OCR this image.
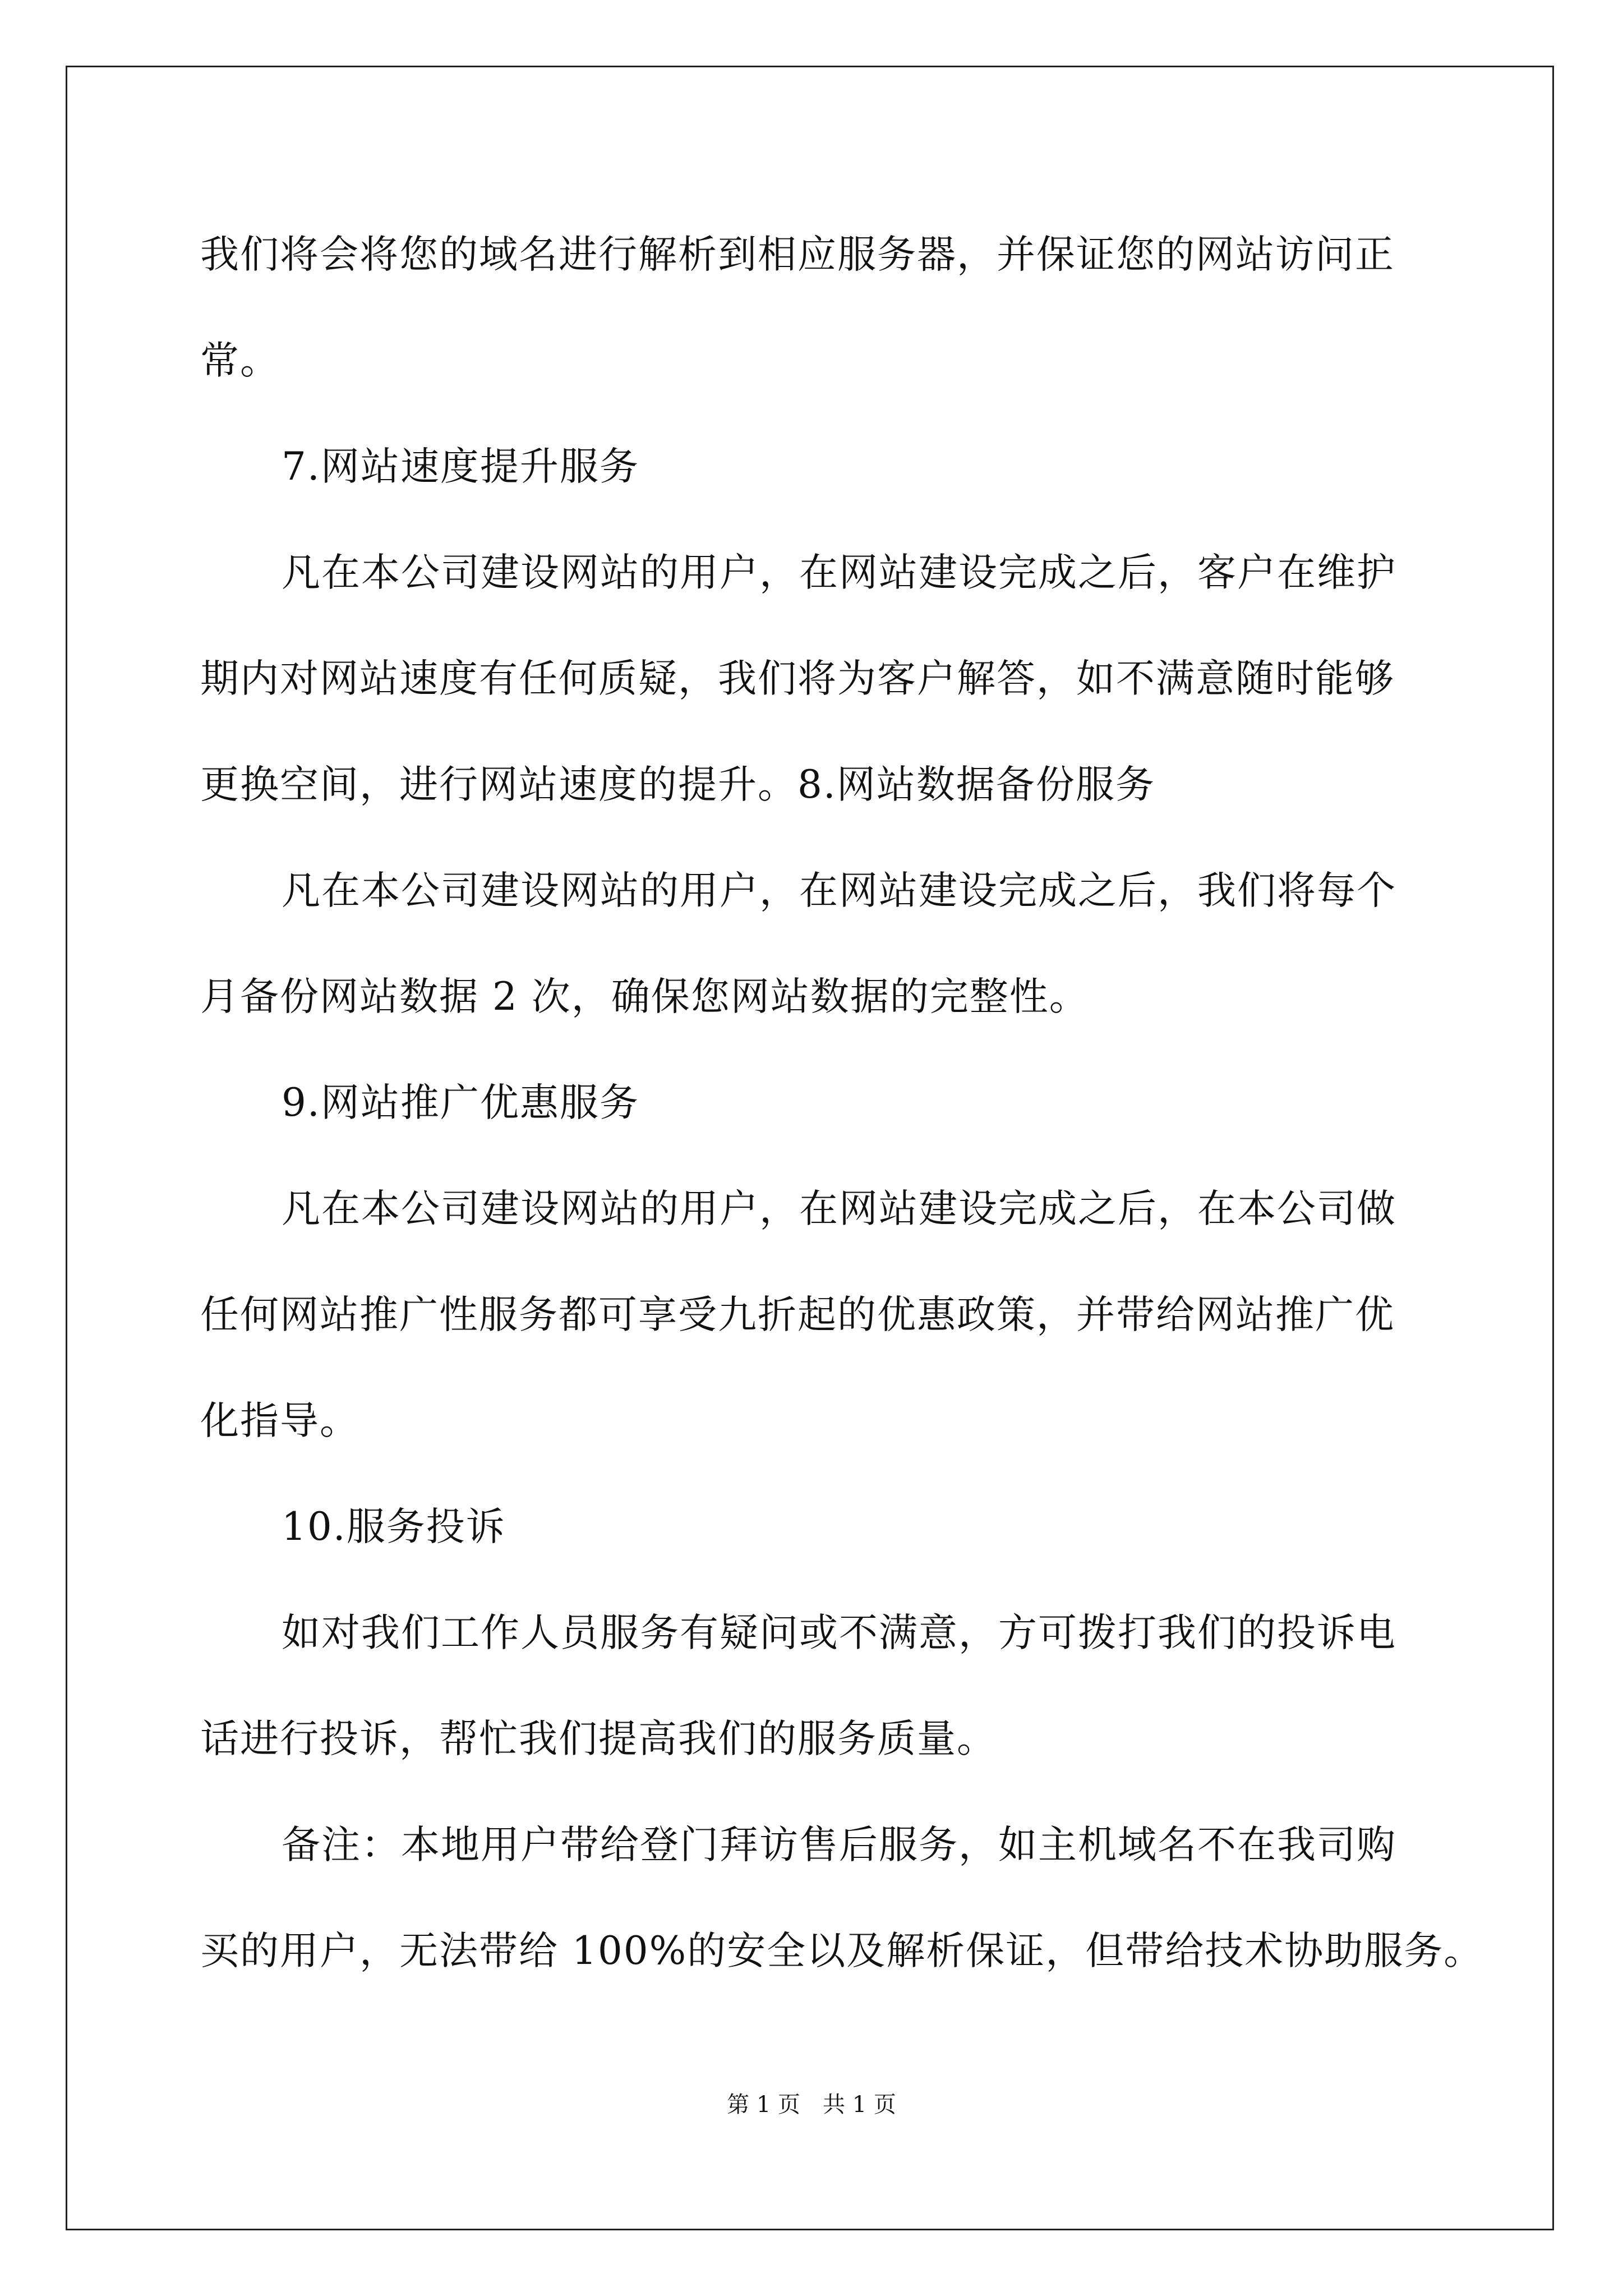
我们将会将您的域名进行解析到相应服务器，并保证您的网站访问正

常。

7.网站速度提升服务

凡在本公司建设网站的用户，在网站建设完成之后，客户在维护

期内对网站速度有任何质疑，我们将为客户解答，如不满意随时能够

更换空间，进行网站速度的提升。8.网站数据备份服务

凡在本公司建设网站的用户，在网站建设完成之后，我们将每个

月备份网站数据 2 次，确保您网站数据的完整性。

9.网站推广优惠服务

凡在本公司建设网站的用户，在网站建设完成之后，在本公司做

任何网站推广性服务都可享受九折起的优惠政策，并带给网站推广优

化指导。

10.服务投诉

如对我们工作人员服务有疑问或不满意，方可拨打我们的投诉电

话进行投诉，帮忙我们提高我们的服务质量。

备注：本地用户带给登门拜访售后服务，如主机域名不在我司购

买的用户，无法带给 100%的安全以及解析保证，但带给技术协助服务。

第 1 页　共 1 页
